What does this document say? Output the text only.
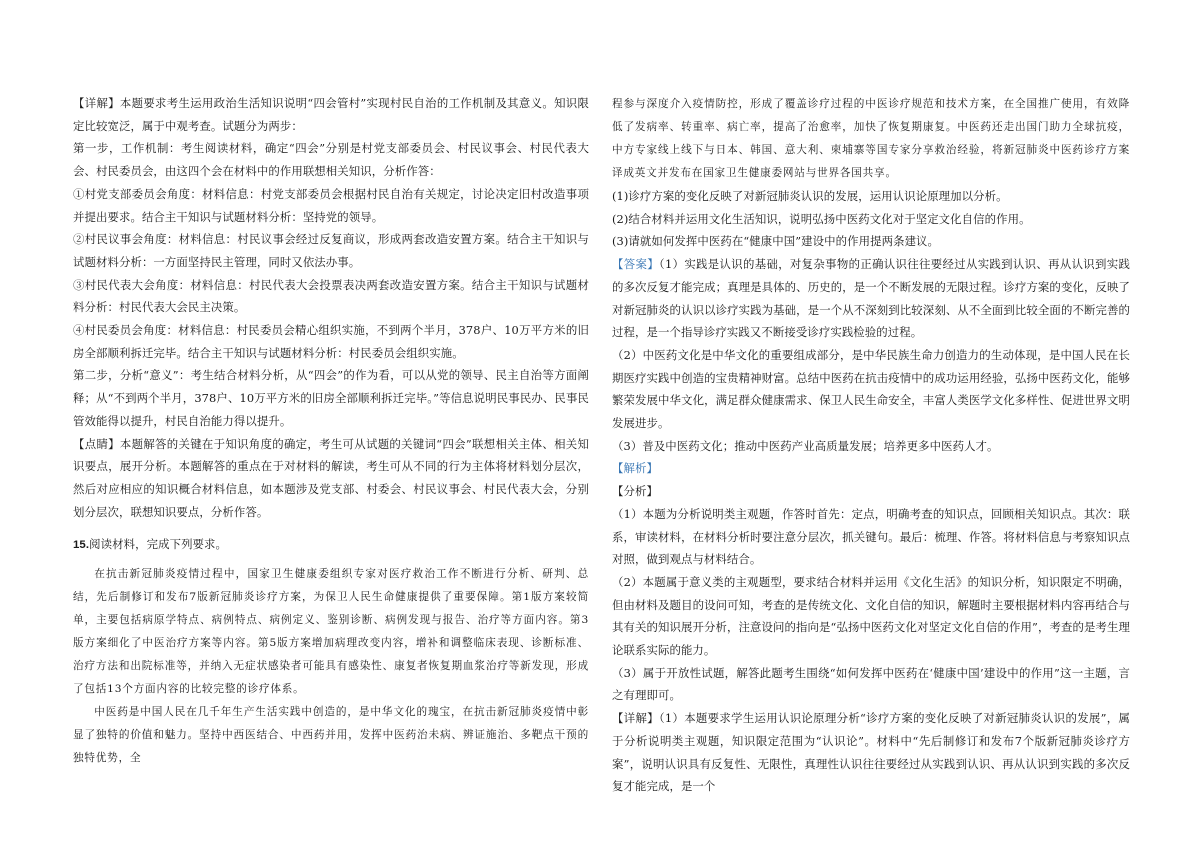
【详解】本题要求考生运用政治生活知识说明“四会管村”实现村民自治的工作机制及其意义。知识限定比较宽泛，属于中观考查。试题分为两步：

第一步，工作机制：考生阅读材料，确定“四会”分别是村党支部委员会、村民议事会、村民代表大会、村民委员会，由这四个会在材料中的作用联想相关知识，分析作答：

①村党支部委员会角度：材料信息：村党支部委员会根据村民自治有关规定，讨论决定旧村改造事项并提出要求。结合主干知识与试题材料分析：坚持党的领导。

②村民议事会角度：材料信息：村民议事会经过反复商议，形成两套改造安置方案。结合主干知识与试题材料分析：一方面坚持民主管理，同时又依法办事。

③村民代表大会角度：材料信息：村民代表大会投票表决两套改造安置方案。结合主干知识与试题材料分析：村民代表大会民主决策。

④村民委员会角度：材料信息：村民委员会精心组织实施，不到两个半月，378户、10万平方米的旧房全部顺利拆迁完毕。结合主干知识与试题材料分析：村民委员会组织实施。

第二步，分析“意义”：考生结合材料分析，从“四会”的作为看，可以从党的领导、民主自治等方面阐释；从“不到两个半月，378户、10万平方米的旧房全部顺利拆迁完毕。”等信息说明民事民办、民事民管效能得以提升，村民自治能力得以提升。

【点睛】本题解答的关键在于知识角度的确定，考生可从试题的关键词“四会”联想相关主体、相关知识要点，展开分析。本题解答的重点在于对材料的解读，考生可从不同的行为主体将材料划分层次，然后对应相应的知识概合材料信息，如本题涉及党支部、村委会、村民议事会、村民代表大会，分别划分层次，联想知识要点，分析作答。

15.阅读材料，完成下列要求。

在抗击新冠肺炎疫情过程中，国家卫生健康委组织专家对医疗救治工作不断进行分析、研判、总结，先后制修订和发布7版新冠肺炎诊疗方案，为保卫人民生命健康提供了重要保障。第1版方案较简单，主要包括病原学特点、病例特点、病例定义、鉴别诊断、病例发现与报告、治疗等方面内容。第3版方案细化了中医治疗方案等内容。第5版方案增加病理改变内容，增补和调整临床表现、诊断标准、治疗方法和出院标准等，并纳入无症状感染者可能具有感染性、康复者恢复期血浆治疗等新发现，形成了包括13个方面内容的比较完整的诊疗体系。

中医药是中国人民在几千年生产生活实践中创造的，是中华文化的瑰宝，在抗击新冠肺炎疫情中彰显了独特的价值和魅力。坚持中西医结合、中西药并用，发挥中医药治未病、辨证施治、多靶点干预的独特优势，全

程参与深度介入疫情防控，形成了覆盖诊疗过程的中医诊疗规范和技术方案，在全国推广使用，有效降低了发病率、转重率、病亡率，提高了治愈率，加快了恢复期康复。中医药还走出国门助力全球抗疫，中方专家线上线下与日本、韩国、意大利、柬埔寨等国专家分享救治经验，将新冠肺炎中医药诊疗方案译成英文并发布在国家卫生健康委网站与世界各国共享。

(1)诊疗方案的变化反映了对新冠肺炎认识的发展，运用认识论原理加以分析。

(2)结合材料并运用文化生活知识，说明弘扬中医药文化对于坚定文化自信的作用。

(3)请就如何发挥中医药在“健康中国”建设中的作用提两条建议。

【答案】（1）实践是认识的基础，对复杂事物的正确认识往往要经过从实践到认识、再从认识到实践的多次反复才能完成；真理是具体的、历史的，是一个不断发展的无限过程。诊疗方案的变化，反映了对新冠肺炎的认识以诊疗实践为基础，是一个从不深刻到比较深刻、从不全面到比较全面的不断完善的过程，是一个指导诊疗实践又不断接受诊疗实践检验的过程。

（2）中医药文化是中华文化的重要组成部分，是中华民族生命力创造力的生动体现，是中国人民在长期医疗实践中创造的宝贵精神财富。总结中医药在抗击疫情中的成功运用经验，弘扬中医药文化，能够繁荣发展中华文化，满足群众健康需求、保卫人民生命安全，丰富人类医学文化多样性、促进世界文明发展进步。

（3）普及中医药文化；推动中医药产业高质量发展；培养更多中医药人才。

【解析】

【分析】

（1）本题为分析说明类主观题，作答时首先：定点，明确考查的知识点，回顾相关知识点。其次：联系，审读材料，在材料分析时要注意分层次，抓关键句。最后：梳理、作答。将材料信息与考察知识点对照，做到观点与材料结合。

（2）本题属于意义类的主观题型，要求结合材料并运用《文化生活》的知识分析，知识限定不明确，但由材料及题目的设问可知，考查的是传统文化、文化自信的知识，解题时主要根据材料内容再结合与其有关的知识展开分析，注意设问的指向是“弘扬中医药文化对坚定文化自信的作用”，考查的是考生理论联系实际的能力。

（3）属于开放性试题，解答此题考生围绕“如何发挥中医药在‘健康中国’建设中的作用”这一主题，言之有理即可。

【详解】（1）本题要求学生运用认识论原理分析“诊疗方案的变化反映了对新冠肺炎认识的发展”，属于分析说明类主观题，知识限定范围为“认识论”。材料中“先后制修订和发布7个版新冠肺炎诊疗方案”，说明认识具有反复性、无限性，真理性认识往往要经过从实践到认识、再从认识到实践的多次反复才能完成，是一个
